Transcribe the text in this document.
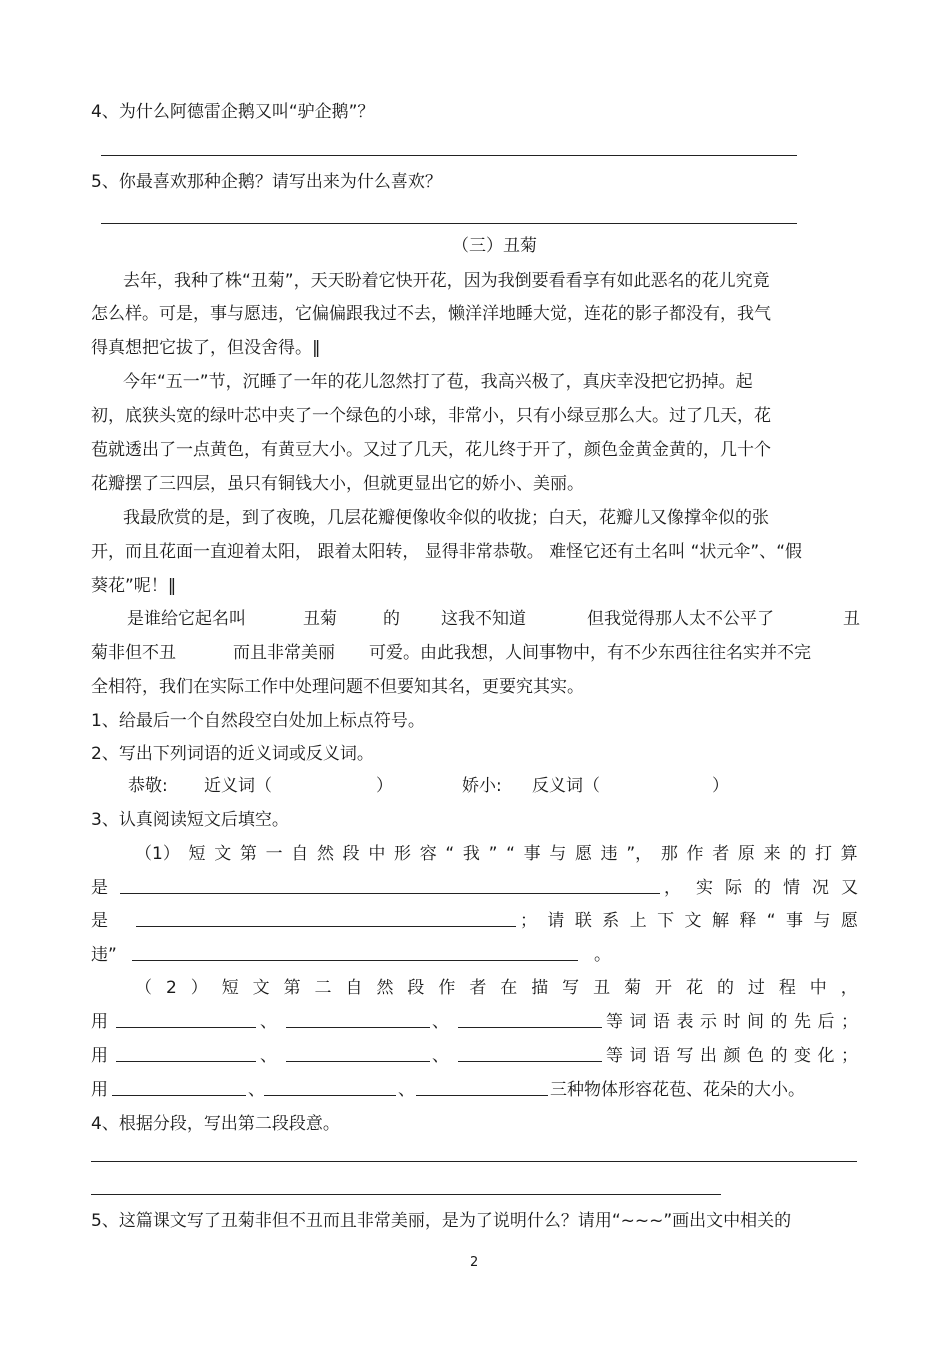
4、为什么阿德雷企鹅又叫“驴企鹅”？
5、你最喜欢那种企鹅？请写出来为什么喜欢？
（三）丑菊
去年，我种了株“丑菊”，天天盼着它快开花，因为我倒要看看享有如此恶名的花儿究竟
怎么样。可是，事与愿违，它偏偏跟我过不去，懒洋洋地睡大觉，连花的影子都没有，我气
得真想把它拔了，但没舍得。‖
今年“五一”节，沉睡了一年的花儿忽然打了苞，我高兴极了，真庆幸没把它扔掉。起
初，底狭头宽的绿叶芯中夹了一个绿色的小球，非常小，只有小绿豆那么大。过了几天，花
苞就透出了一点黄色，有黄豆大小。又过了几天，花儿终于开了，颜色金黄金黄的，几十个
花瓣摆了三四层，虽只有铜钱大小，但就更显出它的娇小、美丽。
我最欣赏的是，到了夜晚，几层花瓣便像收伞似的收拢；白天，花瓣儿又像撑伞似的张
开，而且花面一直迎着太阳， 跟着太阳转， 显得非常恭敬。 难怪它还有土名叫 “状元伞”、“假
葵花”呢！‖
是谁给它起名叫	丑菊	的 这我不知道	但我觉得那人太不公平了	丑
菊非但不丑	而且非常美丽 可爱。由此我想，人间事物中，有不少东西往往名实并不完
全相符，我们在实际工作中处理问题不但要知其名，更要究其实。
1、给最后一个自然段空白处加上标点符号。
2、写出下列词语的近义词或反义词。
恭敬: 近义词（	）	娇小: 反义词（	）
3、认真阅读短文后填空。
（1） 短 文 第 一 自 然 段 中 形 容 “ 我 ” “ 事 与 愿 违 ”， 那 作 者 原 来 的 打 算
是	， 实 际 的 情 况 又
是	； 请 联 系 上 下 文 解 释 “ 事 与 愿
违”	。
（ 2 ） 短 文 第 二 自 然 段 作 者 在 描 写 丑 菊 开 花 的 过 程 中 ，
用	、	、	等 词 语 表 示 时 间 的 先 后 ；
用	、	、	等 词 语 写 出 颜 色 的 变 化 ；
用	、	、	三种物体形容花苞、花朵的大小。
4、根据分段，写出第二段段意。
5、这篇课文写了丑菊非但不丑而且非常美丽，是为了说明什么？请用“~~~”画出文中相关的
2
